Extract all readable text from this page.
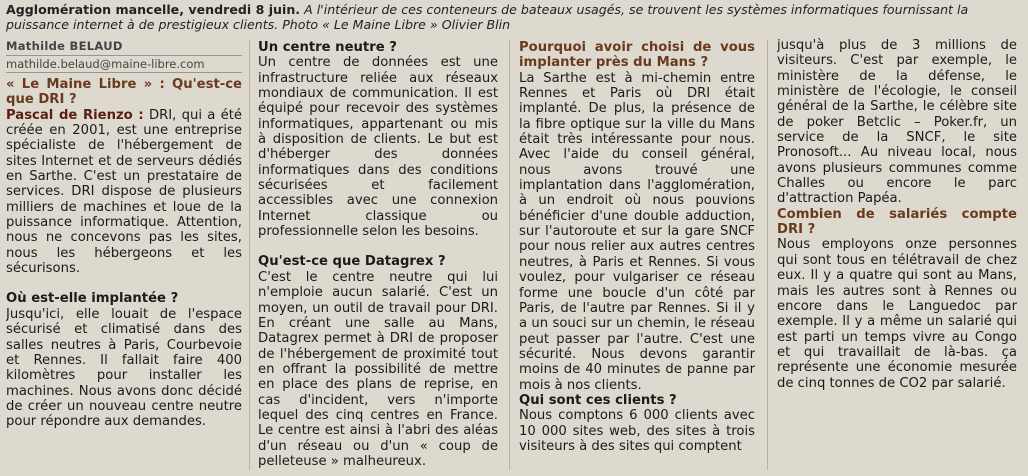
Agglomération mancelle, vendredi 8 juin. A l'intérieur de ces conteneurs de bateaux usagés, se trouvent les systèmes informatiques fournissant la puissance internet à de prestigieux clients. Photo « Le Maine Libre » Olivier Blin
Mathilde BELAUD
mathilde.belaud@maine-libre.com

« Le Maine Libre » : Qu'est-ce que DRI ?

Pascal de Rienzo : DRI, qui a été créée en 2001, est une entreprise spécialiste de l'hébergement de sites Internet et de serveurs dédiés en Sarthe. C'est un prestataire de services. DRI dispose de plusieurs milliers de machines et loue de la puissance informatique. Attention, nous ne concevons pas les sites, nous les hébergeons et les sécurisons.

Où est-elle implantée ?

Jusqu'ici, elle louait de l'espace sécurisé et climatisé dans des salles neutres à Paris, Courbevoie et Rennes. Il fallait faire 400 kilomètres pour installer les machines. Nous avons donc décidé de créer un nouveau centre neutre pour répondre aux demandes.

Un centre neutre ?

Un centre de données est une infrastructure reliée aux réseaux mondiaux de communication. Il est équipé pour recevoir des systèmes informatiques, appartenant ou mis à disposition de clients. Le but est d'héberger des données informatiques dans des conditions sécurisées et facilement accessibles avec une connexion Internet classique ou professionnelle selon les besoins.

Qu'est-ce que Datagrex ?

C'est le centre neutre qui lui n'emploie aucun salarié. C'est un moyen, un outil de travail pour DRI. En créant une salle au Mans, Datagrex permet à DRI de proposer de l'hébergement de proximité tout en offrant la possibilité de mettre en place des plans de reprise, en cas d'incident, vers n'importe lequel des cinq centres en France. Le centre est ainsi à l'abri des aléas d'un réseau ou d'un « coup de pelleteuse » malheureux.

Pourquoi avoir choisi de vous implanter près du Mans ?

La Sarthe est à mi-chemin entre Rennes et Paris où DRI était implanté. De plus, la présence de la fibre optique sur la ville du Mans était très intéressante pour nous. Avec l'aide du conseil général, nous avons trouvé une implantation dans l'agglomération, à un endroit où nous pouvions bénéficier d'une double adduction, sur l'autoroute et sur la gare SNCF pour nous relier aux autres centres neutres, à Paris et Rennes. Si vous voulez, pour vulgariser ce réseau forme une boucle d'un côté par Paris, de l'autre par Rennes. Si il y a un souci sur un chemin, le réseau peut passer par l'autre. C'est une sécurité. Nous devons garantir moins de 40 minutes de panne par mois à nos clients.

Qui sont ces clients ?

Nous comptons 6 000 clients avec 10 000 sites web, des sites à trois visiteurs à des sites qui comptent

jusqu'à plus de 3 millions de visiteurs. C'est par exemple, le ministère de la défense, le ministère de l'écologie, le conseil général de la Sarthe, le célèbre site de poker Betclic – Poker.fr, un service de la SNCF, le site Pronosoft... Au niveau local, nous avons plusieurs communes comme Challes ou encore le parc d'attraction Papéa.

Combien de salariés compte DRI ?

Nous employons onze personnes qui sont tous en télétravail de chez eux. Il y a quatre qui sont au Mans, mais les autres sont à Rennes ou encore dans le Languedoc par exemple. Il y a même un salarié qui est parti un temps vivre au Congo et qui travaillait de là-bas. ça représente une économie mesurée de cinq tonnes de CO2 par salarié.
